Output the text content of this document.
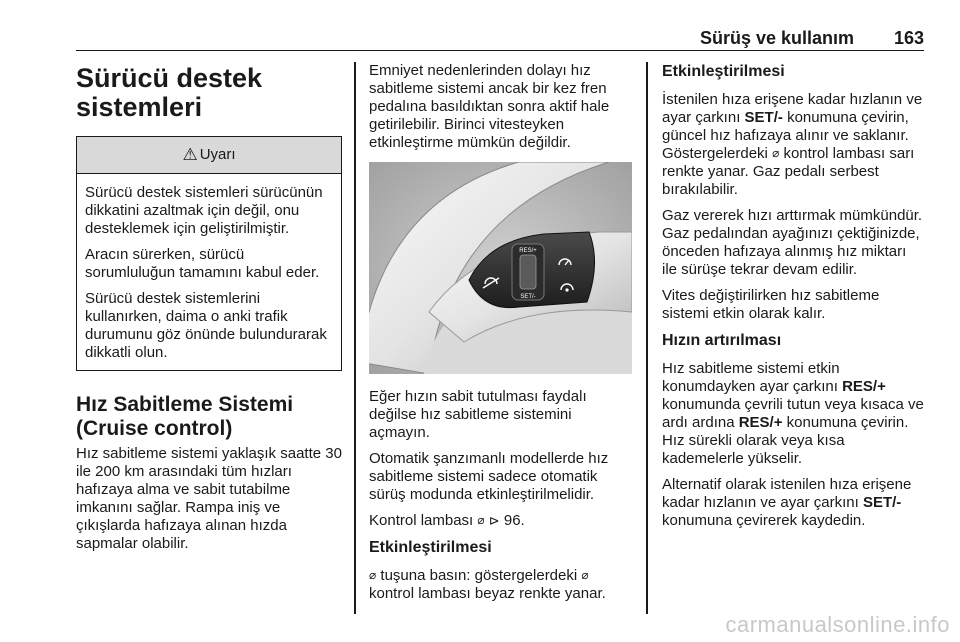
Sürüş ve kullanım 163
Sürücü destek sistemleri
⚠ Uyarı

Sürücü destek sistemleri sürücünün dikkatini azaltmak için değil, onu desteklemek için geliştirilmiştir.

Aracın sürerken, sürücü sorumluluğun tamamını kabul eder.

Sürücü destek sistemlerini kullanırken, daima o anki trafik durumunu göz önünde bulundurarak dikkatli olun.

Hız Sabitleme Sistemi (Cruise control)

Hız sabitleme sistemi yaklaşık saatte 30 ile 200 km arasındaki tüm hızları hafızaya alma ve sabit tutabilme imkanını sağlar. Rampa iniş ve çıkışlarda hafızaya alınan hızda sapmalar olabilir.

Emniyet nedenlerinden dolayı hız sabitleme sistemi ancak bir kez fren pedalına basıldıktan sonra aktif hale getirilebilir. Birinci vitesteyken etkinleştirme mümkün değildir.

RES/+
SET/-

Eğer hızın sabit tutulması faydalı değilse hız sabitleme sistemini açmayın.

Otomatik şanzımanlı modellerde hız sabitleme sistemi sadece otomatik sürüş modunda etkinleştirilmelidir.

Kontrol lambası ⌀ ⊳ 96.

Etkinleştirilmesi

⌀ tuşuna basın: göstergelerdeki ⌀ kontrol lambası beyaz renkte yanar.

Etkinleştirilmesi

İstenilen hıza erişene kadar hızlanın ve ayar çarkını SET/- konumuna çevirin, güncel hız hafızaya alınır ve saklanır. Göstergelerdeki ⌀ kontrol lambası sarı renkte yanar. Gaz pedalı serbest bırakılabilir.

Gaz vererek hızı arttırmak mümkündür. Gaz pedalından ayağınızı çektiğinizde, önceden hafızaya alınmış hız miktarı ile sürüşe tekrar devam edilir.

Vites değiştirilirken hız sabitleme sistemi etkin olarak kalır.

Hızın artırılması

Hız sabitleme sistemi etkin konumdayken ayar çarkını RES/+ konumunda çevrili tutun veya kısaca ve ardı ardına RES/+ konumuna çevirin. Hız sürekli olarak veya kısa kademelerle yükselir.

Alternatif olarak istenilen hıza erişene kadar hızlanın ve ayar çarkını SET/- konumuna çevirerek kaydedin.

carmanualsonline.info
